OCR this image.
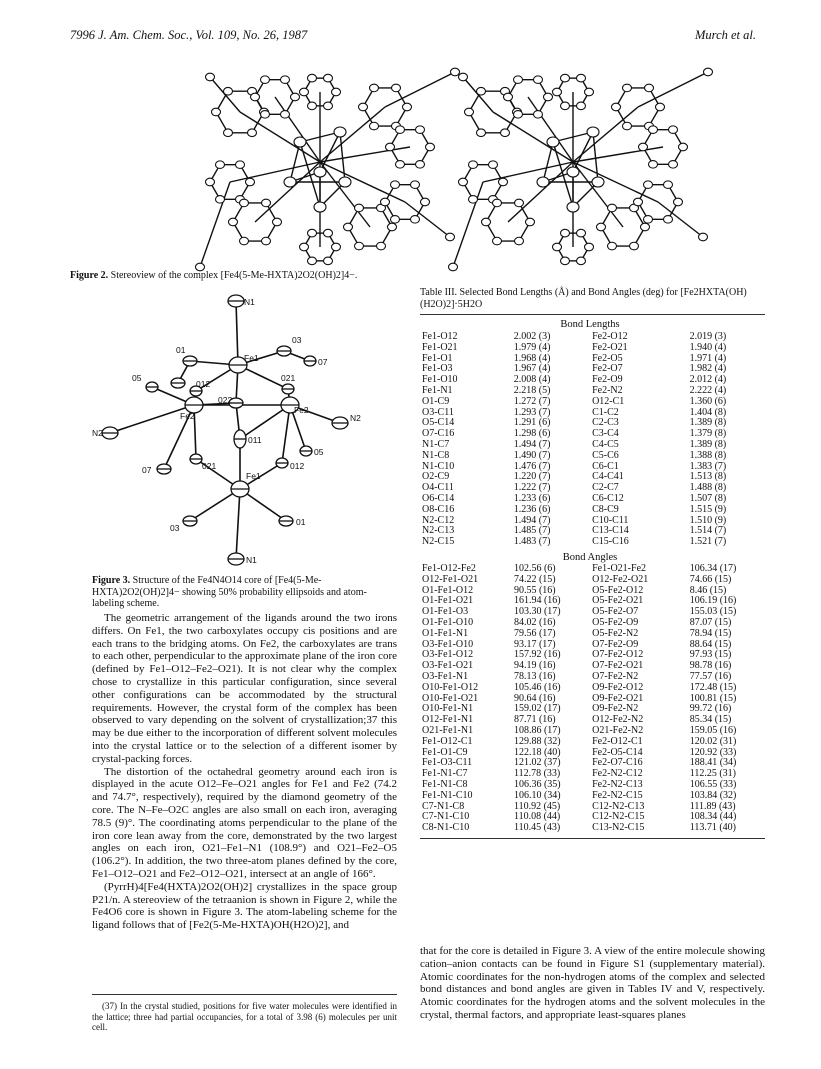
7996 J. Am. Chem. Soc., Vol. 109, No. 26, 1987	Murch et al.
Figure 2. Stereoview of the complex [Fe4(5-Me-HXTA)2O2(OH)2]4−.
N1
03
01
Fe1	07
05
012
021
Fe2
022
Fe2
N2
N2
011
05
07	021
Fe1
012
03
01
N1
Figure 3. Structure of the Fe4N4O14 core of [Fe4(5-Me-HXTA)2O2(OH)2]4− showing 50% probability ellipsoids and atom-labeling scheme.

The geometric arrangement of the ligands around the two irons differs. On Fe1, the two carboxylates occupy cis positions and are each trans to the bridging atoms. On Fe2, the carboxylates are trans to each other, perpendicular to the approximate plane of the iron core (defined by Fe1–O12–Fe2–O21). It is not clear why the complex chose to crystallize in this particular configuration, since several other configurations can be accommodated by the structural requirements. However, the crystal form of the complex has been observed to vary depending on the solvent of crystallization;37 this may be due either to the incorporation of different solvent molecules into the crystal lattice or to the selection of a different isomer by crystal-packing forces.

The distortion of the octahedral geometry around each iron is displayed in the acute O12–Fe–O21 angles for Fe1 and Fe2 (74.2 and 74.7°, respectively), required by the diamond geometry of the core. The N–Fe–O2C angles are also small on each iron, averaging 78.5 (9)°. The coordinating atoms perpendicular to the plane of the iron core lean away from the core, demonstrated by the two largest angles on each iron, O21–Fe1–N1 (108.9°) and O21–Fe2–O5 (106.2°). In addition, the two three-atom planes defined by the core, Fe1–O12–O21 and Fe2–O12–O21, intersect at an angle of 166°.

(PyrrH)4[Fe4(HXTA)2O2(OH)2] crystallizes in the space group P21/n. A stereoview of the tetraanion is shown in Figure 2, while the Fe4O6 core is shown in Figure 3. The atom-labeling scheme for the ligand follows that of [Fe2(5-Me-HXTA)OH(H2O)2], and

(37) In the crystal studied, positions for five water molecules were identified in the lattice; three had partial occupancies, for a total of 3.98 (6) molecules per unit cell.
Table III. Selected Bond Lengths (Å) and Bond Angles (deg) for [Fe2HXTA(OH)(H2O)2]·5H2O
Bond Lengths
Fe1-O12	2.002 (3)	Fe2-O12	2.019 (3)
Fe1-O21	1.979 (4)	Fe2-O21	1.940 (4)
Fe1-O1	1.968 (4)	Fe2-O5	1.971 (4)
Fe1-O3	1.967 (4)	Fe2-O7	1.982 (4)
Fe1-O10	2.008 (4)	Fe2-O9	2.012 (4)
Fe1-N1	2.218 (5)	Fe2-N2	2.222 (4)
O1-C9	1.272 (7)	O12-C1	1.360 (6)
O3-C11	1.293 (7)	C1-C2	1.404 (8)
O5-C14	1.291 (6)	C2-C3	1.389 (8)
O7-C16	1.298 (6)	C3-C4	1.379 (8)
N1-C7	1.494 (7)	C4-C5	1.389 (8)
N1-C8	1.490 (7)	C5-C6	1.388 (8)
N1-C10	1.476 (7)	C6-C1	1.383 (7)
O2-C9	1.220 (7)	C4-C41	1.513 (8)
O4-C11	1.222 (7)	C2-C7	1.488 (8)
O6-C14	1.233 (6)	C6-C12	1.507 (8)
O8-C16	1.236 (6)	C8-C9	1.515 (9)
N2-C12	1.494 (7)	C10-C11	1.510 (9)
N2-C13	1.485 (7)	C13-C14	1.514 (7)
N2-C15	1.483 (7)	C15-C16	1.521 (7)
Bond Angles
Fe1-O12-Fe2	102.56 (6)	Fe1-O21-Fe2	106.34 (17)
O12-Fe1-O21	74.22 (15)	O12-Fe2-O21	74.66 (15)
O1-Fe1-O12	90.55 (16)	O5-Fe2-O12	8.46 (15)
O1-Fe1-O21	161.94 (16)	O5-Fe2-O21	106.19 (16)
O1-Fe1-O3	103.30 (17)	O5-Fe2-O7	155.03 (15)
O1-Fe1-O10	84.02 (16)	O5-Fe2-O9	87.07 (15)
O1-Fe1-N1	79.56 (17)	O5-Fe2-N2	78.94 (15)
O3-Fe1-O10	93.17 (17)	O7-Fe2-O9	88.64 (15)
O3-Fe1-O12	157.92 (16)	O7-Fe2-O12	97.93 (15)
O3-Fe1-O21	94.19 (16)	O7-Fe2-O21	98.78 (16)
O3-Fe1-N1	78.13 (16)	O7-Fe2-N2	77.57 (16)
O10-Fe1-O12	105.46 (16)	O9-Fe2-O12	172.48 (15)
O10-Fe1-O21	90.64 (16)	O9-Fe2-O21	100.81 (15)
O10-Fe1-N1	159.02 (17)	O9-Fe2-N2	99.72 (16)
O12-Fe1-N1	87.71 (16)	O12-Fe2-N2	85.34 (15)
O21-Fe1-N1	108.86 (17)	O21-Fe2-N2	159.05 (16)
Fe1-O12-C1	129.88 (32)	Fe2-O12-C1	120.02 (31)
Fe1-O1-C9	122.18 (40)	Fe2-O5-C14	120.92 (33)
Fe1-O3-C11	121.02 (37)	Fe2-O7-C16	188.41 (34)
Fe1-N1-C7	112.78 (33)	Fe2-N2-C12	112.25 (31)
Fe1-N1-C8	106.36 (35)	Fe2-N2-C13	106.55 (33)
Fe1-N1-C10	106.10 (34)	Fe2-N2-C15	103.84 (32)
C7-N1-C8	110.92 (45)	C12-N2-C13	111.89 (43)
C7-N1-C10	110.08 (44)	C12-N2-C15	108.34 (44)
C8-N1-C10	110.45 (43)	C13-N2-C15	113.71 (40)
that for the core is detailed in Figure 3. A view of the entire molecule showing cation–anion contacts can be found in Figure S1 (supplementary material). Atomic coordinates for the non-hydrogen atoms of the complex and selected bond distances and bond angles are given in Tables IV and V, respectively. Atomic coordinates for the hydrogen atoms and the solvent molecules in the crystal, thermal factors, and appropriate least-squares planes
